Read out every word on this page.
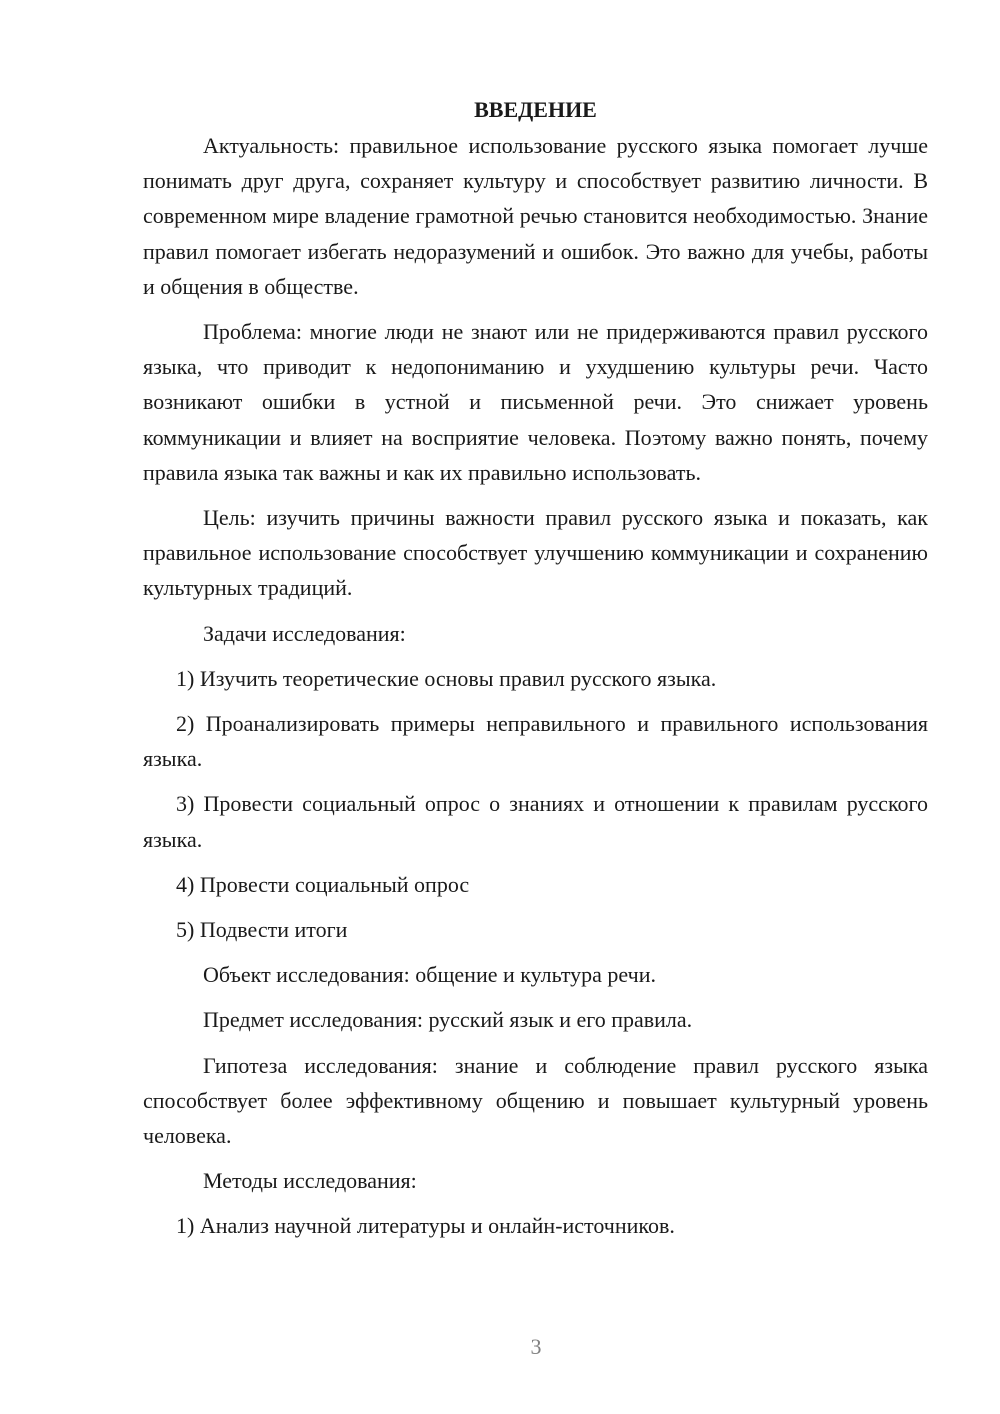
ВВЕДЕНИЕ

Актуальность: правильное использование русского языка помогает лучше понимать друг друга, сохраняет культуру и способствует развитию личности. В современном мире владение грамотной речью становится необходимостью. Знание правил помогает избегать недоразумений и ошибок. Это важно для учебы, работы и общения в обществе.

Проблема: многие люди не знают или не придерживаются правил русского языка, что приводит к недопониманию и ухудшению культуры речи. Часто возникают ошибки в устной и письменной речи. Это снижает уровень коммуникации и влияет на восприятие человека. Поэтому важно понять, почему правила языка так важны и как их правильно использовать.

Цель: изучить причины важности правил русского языка и показать, как правильное использование способствует улучшению коммуникации и сохранению культурных традиций.

Задачи исследования:

1) Изучить теоретические основы правил русского языка.

2) Проанализировать примеры неправильного и правильного использования языка.

3) Провести социальный опрос о знаниях и отношении к правилам русского языка.

4) Провести социальный опрос

5) Подвести итоги

Объект исследования: общение и культура речи.

Предмет исследования: русский язык и его правила.

Гипотеза исследования: знание и соблюдение правил русского языка способствует более эффективному общению и повышает культурный уровень человека.

Методы исследования:

1) Анализ научной литературы и онлайн-источников.

3
